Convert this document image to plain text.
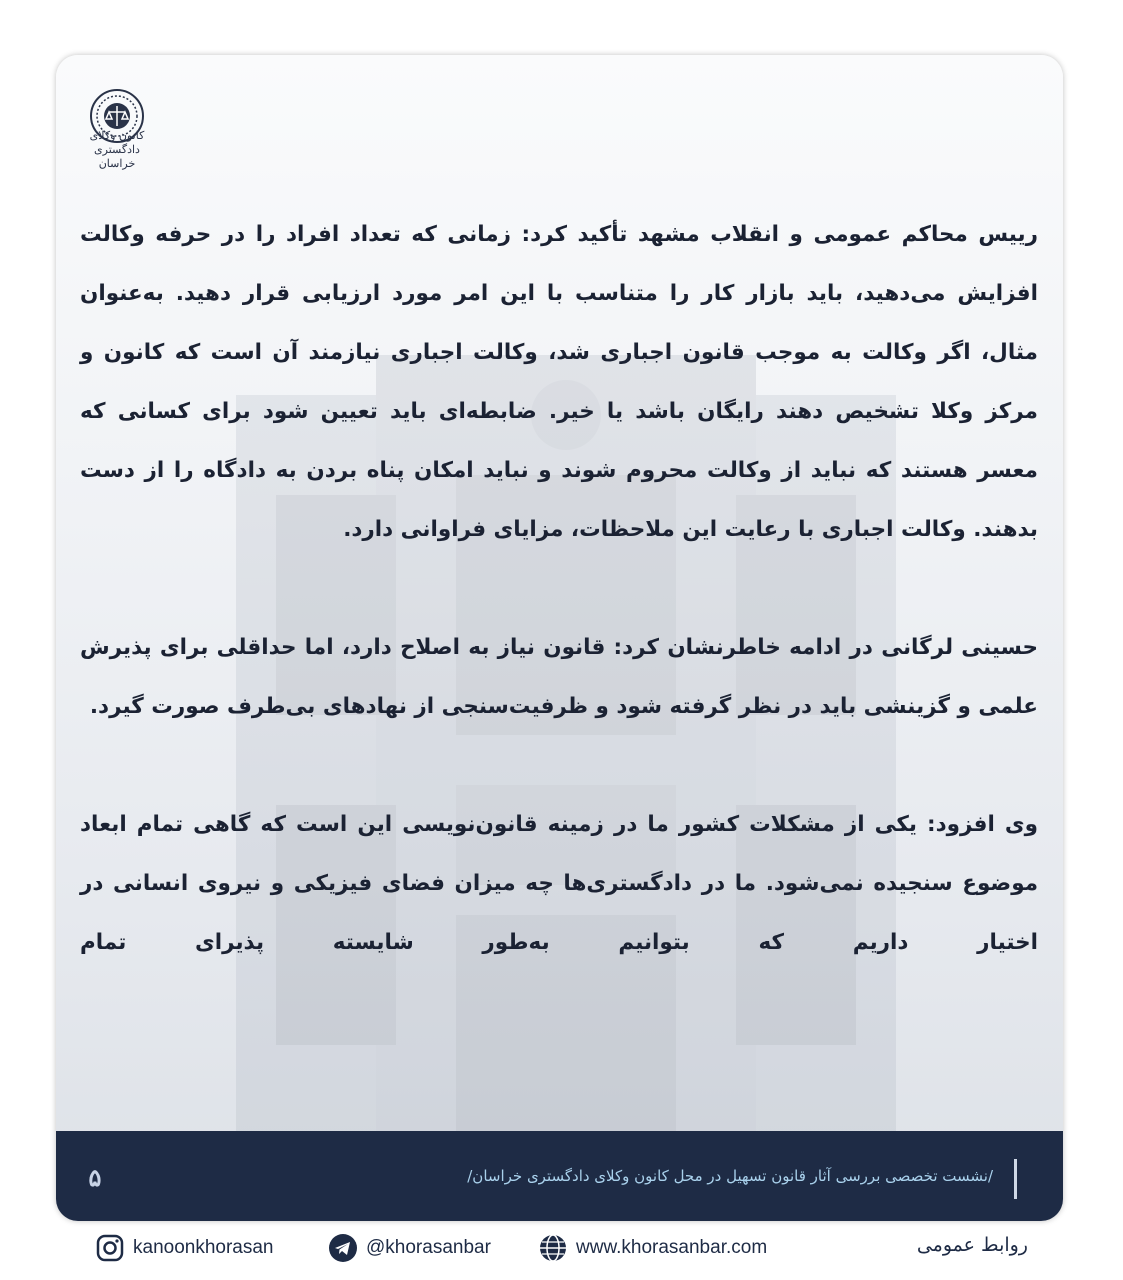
کانون وکلای دادگستری
خراسان

رییس محاکم عمومی و انقلاب مشهد تأکید کرد: زمانی که تعداد افراد را در حرفه وکالت افزایش می‌دهید، باید بازار کار را متناسب با این امر مورد ارزیابی قرار دهید. به‌عنوان مثال، اگر وکالت به موجب قانون اجباری شد، وکالت اجباری نیازمند آن است که کانون و مرکز وکلا تشخیص دهند رایگان باشد یا خیر. ضابطه‌ای باید تعیین شود برای کسانی که معسر هستند که نباید از وکالت محروم شوند و نباید امکان پناه بردن به دادگاه را از دست بدهند. وکالت اجباری با رعایت این ملاحظات، مزایای فراوانی دارد.

حسینی لرگانی در ادامه خاطرنشان کرد: قانون نیاز به اصلاح دارد، اما حداقلی برای پذیرش علمی و گزینشی باید در نظر گرفته شود و ظرفیت‌سنجی از نهادهای بی‌طرف صورت گیرد.

وی افزود: یکی از مشکلات کشور ما در زمینه قانون‌نویسی این است که گاهی تمام ابعاد موضوع سنجیده نمی‌شود. ما در دادگستری‌ها چه میزان فضای فیزیکی و نیروی انسانی در اختیار داریم که بتوانیم به‌طور شایسته پذیرای تمام

۵	/نشست تخصصی بررسی آثار قانون تسهیل در محل کانون وکلای دادگستری خراسان/
kanoonkhorasan	@khorasanbar	www.khorasanbar.com	روابط عمومی
